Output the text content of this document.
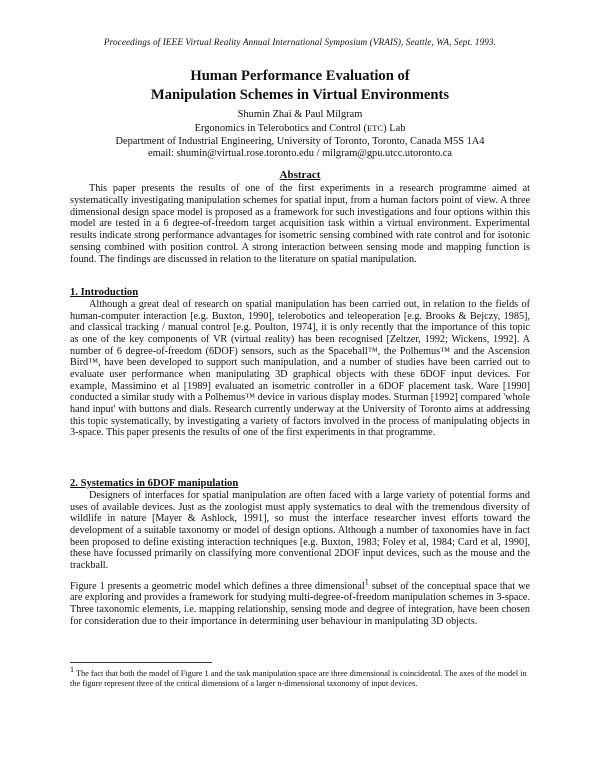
Proceedings of IEEE Virtual Reality Annual International Symposium (VRAIS), Seattle, WA, Sept. 1993.
Human Performance Evaluation of
Manipulation Schemes in Virtual Environments
Shumin Zhai & Paul Milgram
Ergonomics in Telerobotics and Control (ETC) Lab
Department of Industrial Engineering, University of Toronto, Toronto, Canada M5S 1A4
email: shumin@virtual.rose.toronto.edu / milgram@gpu.utcc.utoronto.ca
Abstract

This paper presents the results of one of the first experiments in a research programme aimed at systematically investigating manipulation schemes for spatial input, from a human factors point of view. A three dimensional design space model is proposed as a framework for such investigations and four options within this model are tested in a 6 degree-of-freedom target acquisition task within a virtual environment. Experimental results indicate strong performance advantages for isometric sensing combined with rate control and for isotonic sensing combined with position control. A strong interaction between sensing mode and mapping function is found. The findings are discussed in relation to the literature on spatial manipulation.

1. Introduction

Although a great deal of research on spatial manipulation has been carried out, in relation to the fields of human-computer interaction [e.g. Buxton, 1990], telerobotics and teleoperation [e.g. Brooks & Bejczy, 1985], and classical tracking / manual control [e.g. Poulton, 1974], it is only recently that the importance of this topic as one of the key components of VR (virtual reality) has been recognised [Zeltzer, 1992; Wickens, 1992]. A number of 6 degree-of-freedom (6DOF) sensors, such as the Spaceball™, the Polhemus™ and the Ascension Bird™, have been developed to support such manipulation, and a number of studies have been carried out to evaluate user performance when manipulating 3D graphical objects with these 6DOF input devices. For example, Massimino et al [1989] evaluated an isometric controller in a 6DOF placement task. Ware [1990] conducted a similar study with a Polhemus™ device in various display modes. Sturman [1992] compared 'whole hand input' with buttons and dials. Research currently underway at the University of Toronto aims at addressing this topic systematically, by investigating a variety of factors involved in the process of manipulating objects in 3-space. This paper presents the results of one of the first experiments in that programme.

2. Systematics in 6DOF manipulation

Designers of interfaces for spatial manipulation are often faced with a large variety of potential forms and uses of available devices. Just as the zoologist must apply systematics to deal with the tremendous diversity of wildlife in nature [Mayer & Ashlock, 1991], so must the interface researcher invest efforts toward the development of a suitable taxonomy or model of design options. Although a number of taxonomies have in fact been proposed to define existing interaction techniques [e.g. Buxton, 1983; Foley et al, 1984; Card et al, 1990], these have focussed primarily on classifying more conventional 2DOF input devices, such as the mouse and the trackball.

Figure 1 presents a geometric model which defines a three dimensional$^1$ subset of the conceptual space that we are exploring and provides a framework for studying multi-degree-of-freedom manipulation schemes in 3-space. Three taxonomic elements, i.e. mapping relationship, sensing mode and degree of integration, have been chosen for consideration due to their importance in determining user behaviour in manipulating 3D objects.

$^1$ The fact that both the model of Figure 1 and the task manipulation space are three dimensional is coincidental. The axes of the model in the figure represent three of the critical dimensions of a larger n-dimensional taxonomy of input devices.
